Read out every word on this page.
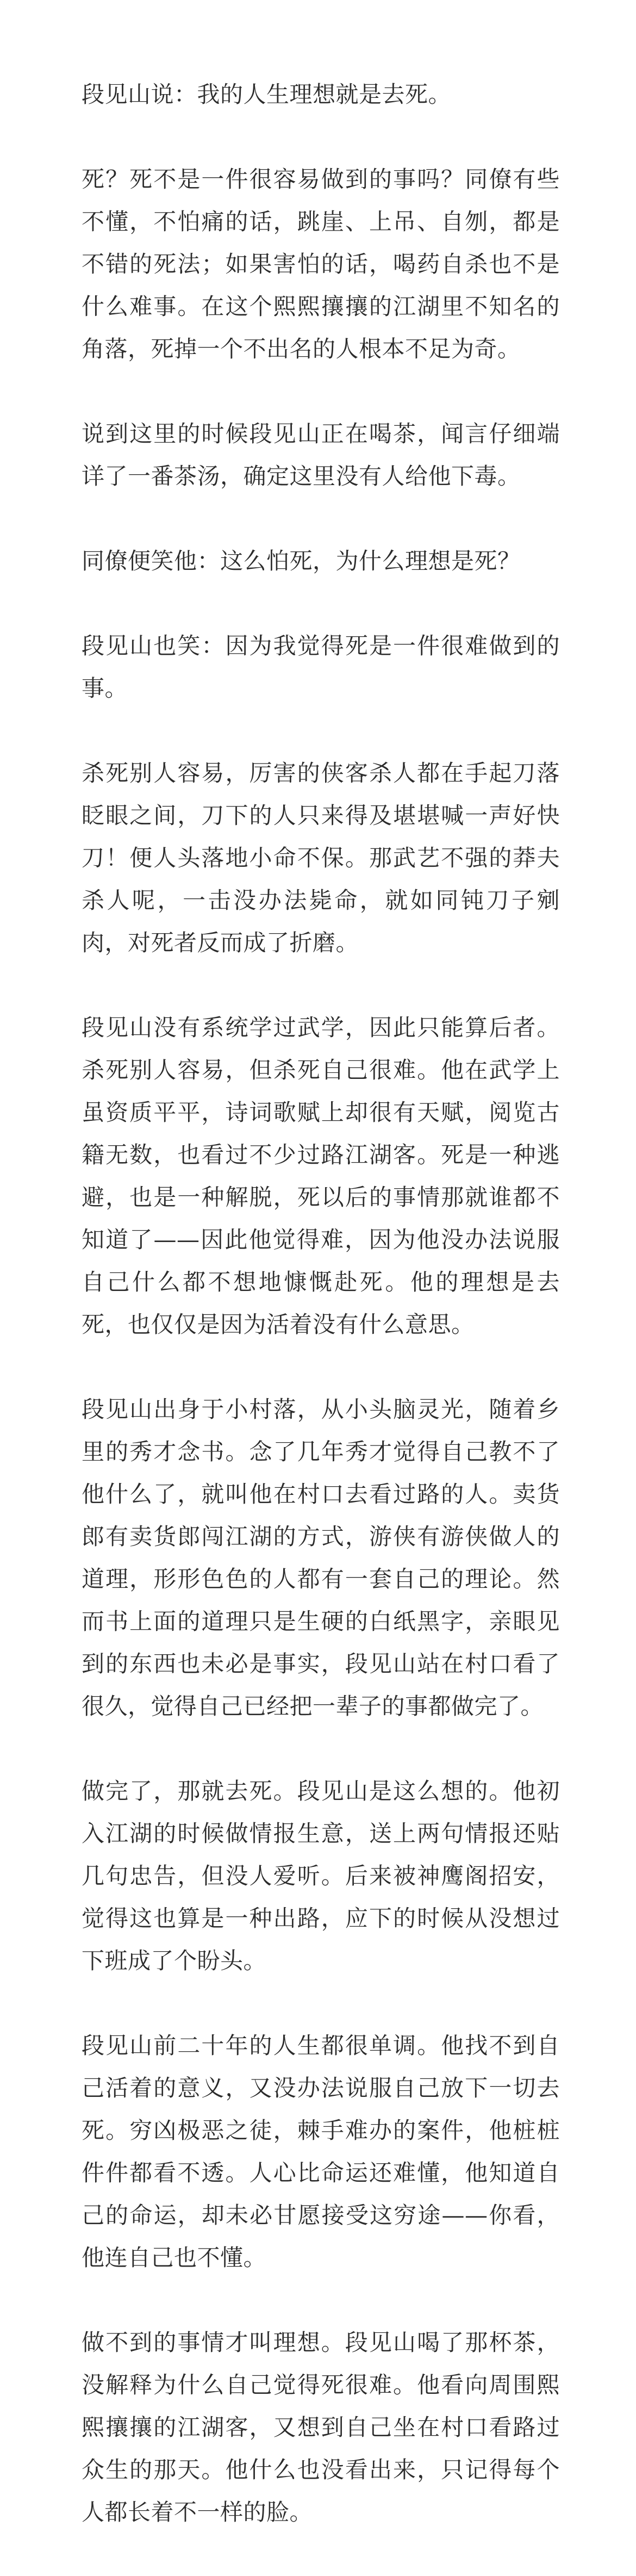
段见山说：我的人生理想就是去死。

死？死不是一件很容易做到的事吗？同僚有些不懂，不怕痛的话，跳崖、上吊、自刎，都是不错的死法；如果害怕的话，喝药自杀也不是什么难事。在这个熙熙攘攘的江湖里不知名的角落，死掉一个不出名的人根本不足为奇。

说到这里的时候段见山正在喝茶，闻言仔细端详了一番茶汤，确定这里没有人给他下毒。

同僚便笑他：这么怕死，为什么理想是死？

段见山也笑：因为我觉得死是一件很难做到的事。

杀死别人容易，厉害的侠客杀人都在手起刀落眨眼之间，刀下的人只来得及堪堪喊一声好快刀！便人头落地小命不保。那武艺不强的莽夫杀人呢，一击没办法毙命，就如同钝刀子剜肉，对死者反而成了折磨。

段见山没有系统学过武学，因此只能算后者。杀死别人容易，但杀死自己很难。他在武学上虽资质平平，诗词歌赋上却很有天赋，阅览古籍无数，也看过不少过路江湖客。死是一种逃避，也是一种解脱，死以后的事情那就谁都不知道了——因此他觉得难，因为他没办法说服自己什么都不想地慷慨赴死。他的理想是去死，也仅仅是因为活着没有什么意思。

段见山出身于小村落，从小头脑灵光，随着乡里的秀才念书。念了几年秀才觉得自己教不了他什么了，就叫他在村口去看过路的人。卖货郎有卖货郎闯江湖的方式，游侠有游侠做人的道理，形形色色的人都有一套自己的理论。然而书上面的道理只是生硬的白纸黑字，亲眼见到的东西也未必是事实，段见山站在村口看了很久，觉得自己已经把一辈子的事都做完了。

做完了，那就去死。段见山是这么想的。他初入江湖的时候做情报生意，送上两句情报还贴几句忠告，但没人爱听。后来被神鹰阁招安，觉得这也算是一种出路，应下的时候从没想过下班成了个盼头。

段见山前二十年的人生都很单调。他找不到自己活着的意义，又没办法说服自己放下一切去死。穷凶极恶之徒，棘手难办的案件，他桩桩件件都看不透。人心比命运还难懂，他知道自己的命运，却未必甘愿接受这穷途——你看，他连自己也不懂。

做不到的事情才叫理想。段见山喝了那杯茶，没解释为什么自己觉得死很难。他看向周围熙熙攘攘的江湖客，又想到自己坐在村口看路过众生的那天。他什么也没看出来，只记得每个人都长着不一样的脸。
